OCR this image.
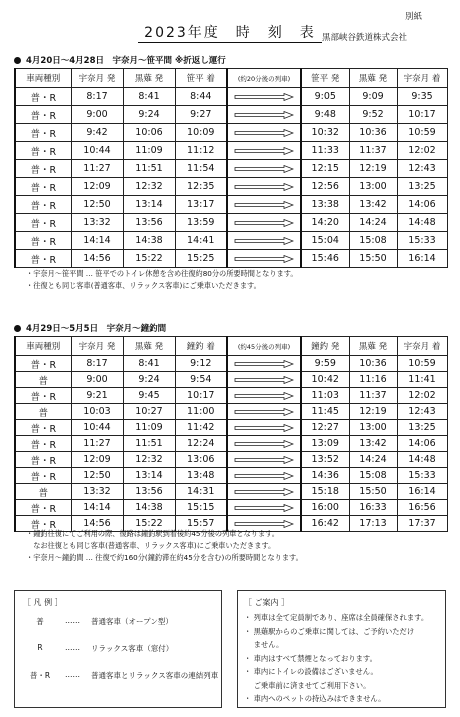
別紙
2023年度　時　刻　表 黒部峡谷鉄道株式会社
4月20日～4月28日　宇奈月～笹平間 ※折返し運行
車両種別	宇奈月 発	黒薙 発	笹平 着	(約20分後の列車)	笹平 発	黒薙 発	宇奈月 着
普・R	8:17	8:41	8:44		9:05	9:09	9:35
普・R	9:00	9:24	9:27		9:48	9:52	10:17
普・R	9:42	10:06	10:09		10:32	10:36	10:59
普・R	10:44	11:09	11:12		11:33	11:37	12:02
普・R	11:27	11:51	11:54		12:15	12:19	12:43
普・R	12:09	12:32	12:35		12:56	13:00	13:25
普・R	12:50	13:14	13:17		13:38	13:42	14:06
普・R	13:32	13:56	13:59		14:20	14:24	14:48
普・R	14:14	14:38	14:41		15:04	15:08	15:33
普・R	14:56	15:22	15:25		15:46	15:50	16:14
・宇奈月～笹平間 … 笹平でのトイレ休憩を含め往復約80分の所要時間となります。
・往復とも同じ客車(普通客車、リラックス客車)にご乗車いただきます。
4月29日～5月5日　宇奈月～鐘釣間
車両種別	宇奈月 発	黒薙 発	鐘釣 着	(約45分後の列車)	鐘釣 発	黒薙 発	宇奈月 着
普・R	8:17	8:41	9:12		9:59	10:36	10:59
普	9:00	9:24	9:54		10:42	11:16	11:41
普・R	9:21	9:45	10:17		11:03	11:37	12:02
普	10:03	10:27	11:00		11:45	12:19	12:43
普・R	10:44	11:09	11:42		12:27	13:00	13:25
普・R	11:27	11:51	12:24		13:09	13:42	14:06
普・R	12:09	12:32	13:06		13:52	14:24	14:48
普・R	12:50	13:14	13:48		14:36	15:08	15:33
普	13:32	13:56	14:31		15:18	15:50	16:14
普・R	14:14	14:38	15:15		16:00	16:33	16:56
普・R	14:56	15:22	15:57		16:42	17:13	17:37
・鐘釣往復にてご利用の際、復路は鐘釣駅到着後約45分後の列車となります。
　なお往復とも同じ客車(普通客車、リラックス客車)にご乗車いただきます。
・宇奈月～鐘釣間 … 往復で約160分(鐘釣滞在約45分を含む)の所要時間となります。
［ 凡 例 ］
普	…… 普通客車（オープン型）
R	…… リラックス客車（窓付）
普・R	…… 普通客車とリラックス客車の連結列車
［ ご案内 ］
・ 列車は全て定員制であり、座席は全員確保されます。
・ 黒薙駅からのご乗車に関しては、ご予約いただけ
　 ません。
・ 車内はすべて禁煙となっております。
・ 車内にトイレの設備はございません。
　 ご乗車前に済ませてご利用下さい。
・ 車内へのペットの持込みはできません。
